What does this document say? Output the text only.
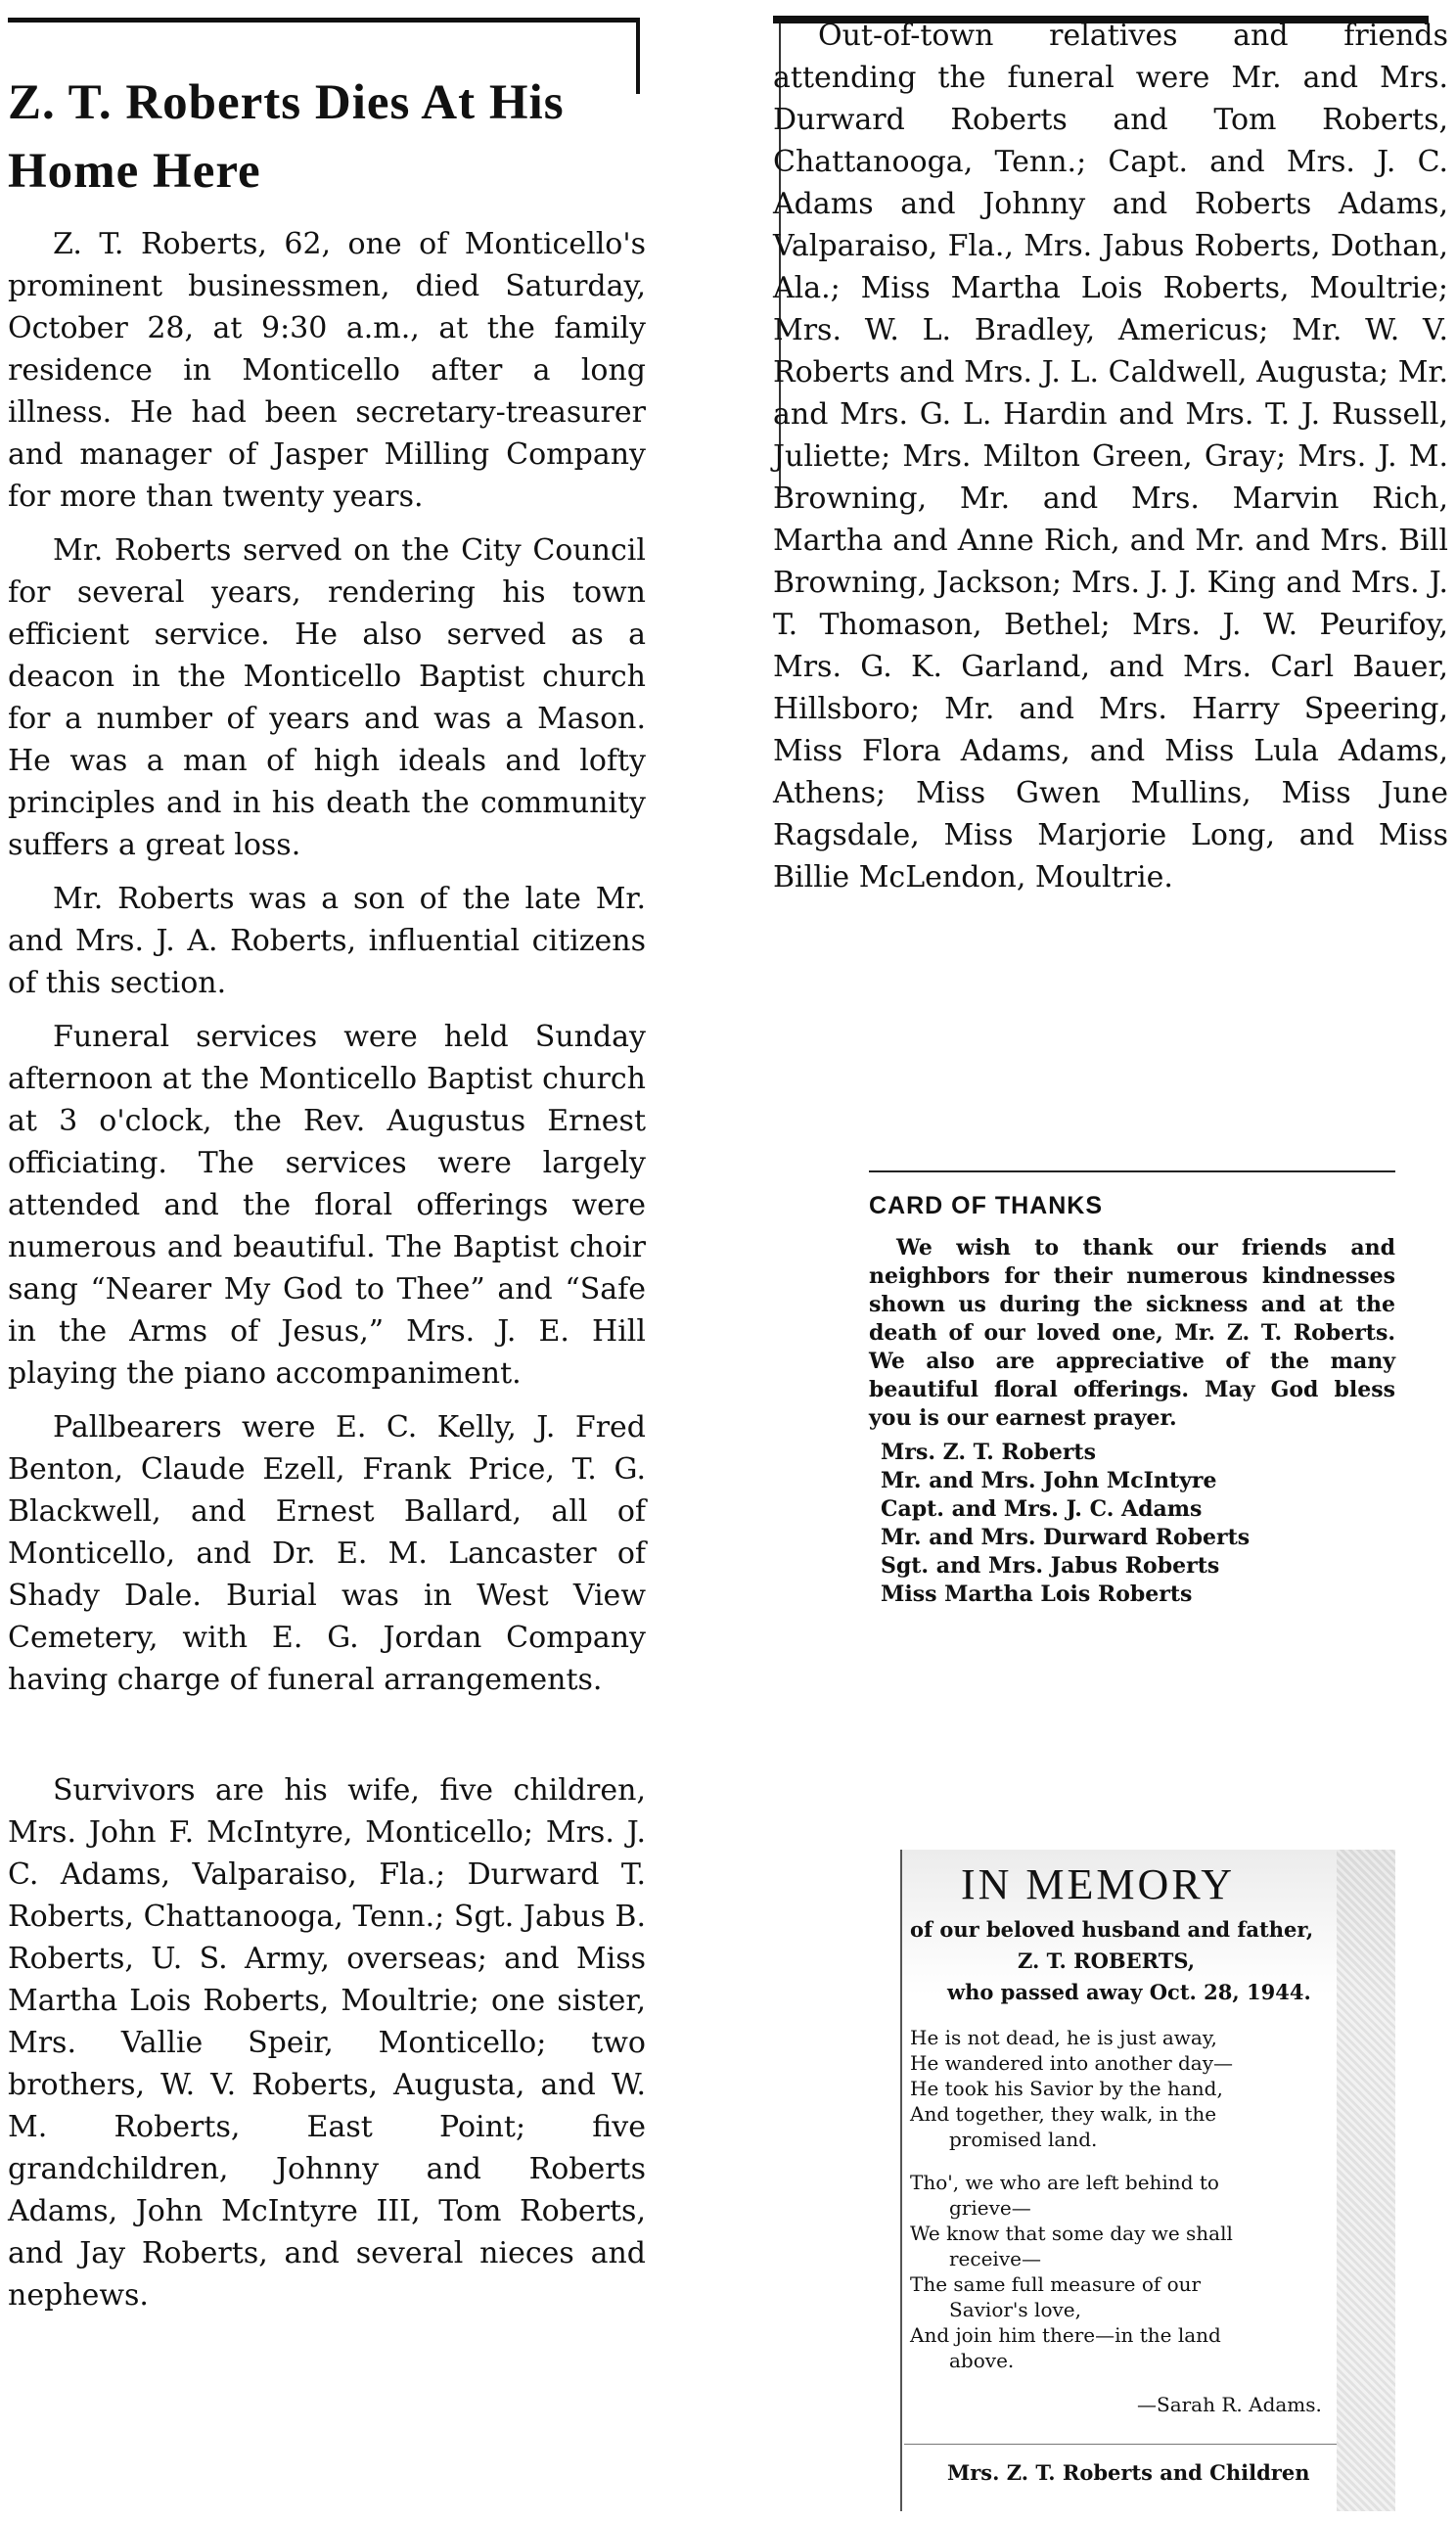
Z. T. Roberts Dies At His Home Here

Z. T. Roberts, 62, one of Monticello's prominent businessmen, died Saturday, October 28, at 9:30 a.m., at the family residence in Monticello after a long illness. He had been secretary-treasurer and manager of Jasper Milling Company for more than twenty years.

Mr. Roberts served on the City Council for several years, rendering his town efficient service. He also served as a deacon in the Monticello Baptist church for a number of years and was a Mason. He was a man of high ideals and lofty principles and in his death the community suffers a great loss.

Mr. Roberts was a son of the late Mr. and Mrs. J. A. Roberts, influential citizens of this section.

Funeral services were held Sunday afternoon at the Monticello Baptist church at 3 o'clock, the Rev. Augustus Ernest officiating. The services were largely attended and the floral offerings were numerous and beautiful. The Baptist choir sang “Nearer My God to Thee” and “Safe in the Arms of Jesus,” Mrs. J. E. Hill playing the piano accompaniment.

Pallbearers were E. C. Kelly, J. Fred Benton, Claude Ezell, Frank Price, T. G. Blackwell, and Ernest Ballard, all of Monticello, and Dr. E. M. Lancaster of Shady Dale. Burial was in West View Cemetery, with E. G. Jordan Company having charge of funeral arrangements.

Survivors are his wife, five children, Mrs. John F. McIntyre, Monticello; Mrs. J. C. Adams, Valparaiso, Fla.; Durward T. Roberts, Chattanooga, Tenn.; Sgt. Jabus B. Roberts, U. S. Army, overseas; and Miss Martha Lois Roberts, Moultrie; one sister, Mrs. Vallie Speir, Monticello; two brothers, W. V. Roberts, Augusta, and W. M. Roberts, East Point; five grandchildren, Johnny and Roberts Adams, John McIntyre III, Tom Roberts, and Jay Roberts, and several nieces and nephews.

Out-of-town relatives and friends attending the funeral were Mr. and Mrs. Durward Roberts and Tom Roberts, Chattanooga, Tenn.; Capt. and Mrs. J. C. Adams and Johnny and Roberts Adams, Valparaiso, Fla., Mrs. Jabus Roberts, Dothan, Ala.; Miss Martha Lois Roberts, Moultrie; Mrs. W. L. Bradley, Americus; Mr. W. V. Roberts and Mrs. J. L. Caldwell, Augusta; Mr. and Mrs. G. L. Hardin and Mrs. T. J. Russell, Juliette; Mrs. Milton Green, Gray; Mrs. J. M. Browning, Mr. and Mrs. Marvin Rich, Martha and Anne Rich, and Mr. and Mrs. Bill Browning, Jackson; Mrs. J. J. King and Mrs. J. T. Thomason, Bethel; Mrs. J. W. Peurifoy, Mrs. G. K. Garland, and Mrs. Carl Bauer, Hillsboro; Mr. and Mrs. Harry Speering, Miss Flora Adams, and Miss Lula Adams, Athens; Miss Gwen Mullins, Miss June Ragsdale, Miss Marjorie Long, and Miss Billie McLendon, Moultrie.

CARD OF THANKS

We wish to thank our friends and neighbors for their numerous kindnesses shown us during the sickness and at the death of our loved one, Mr. Z. T. Roberts. We also are appreciative of the many beautiful floral offerings. May God bless you is our earnest prayer.

Mrs. Z. T. Roberts
Mr. and Mrs. John McIntyre
Capt. and Mrs. J. C. Adams
Mr. and Mrs. Durward Roberts
Sgt. and Mrs. Jabus Roberts
Miss Martha Lois Roberts
IN MEMORY
of our beloved husband and father,
Z. T. ROBERTS,
who passed away Oct. 28, 1944.
He is not dead, he is just away,
He wandered into another day—
He took his Savior by the hand,
And together, they walk, in the
promised land.
Tho', we who are left behind to
grieve—
We know that some day we shall
receive—
The same full measure of our
Savior's love,
And join him there—in the land
above.
—Sarah R. Adams.
Mrs. Z. T. Roberts and Children
